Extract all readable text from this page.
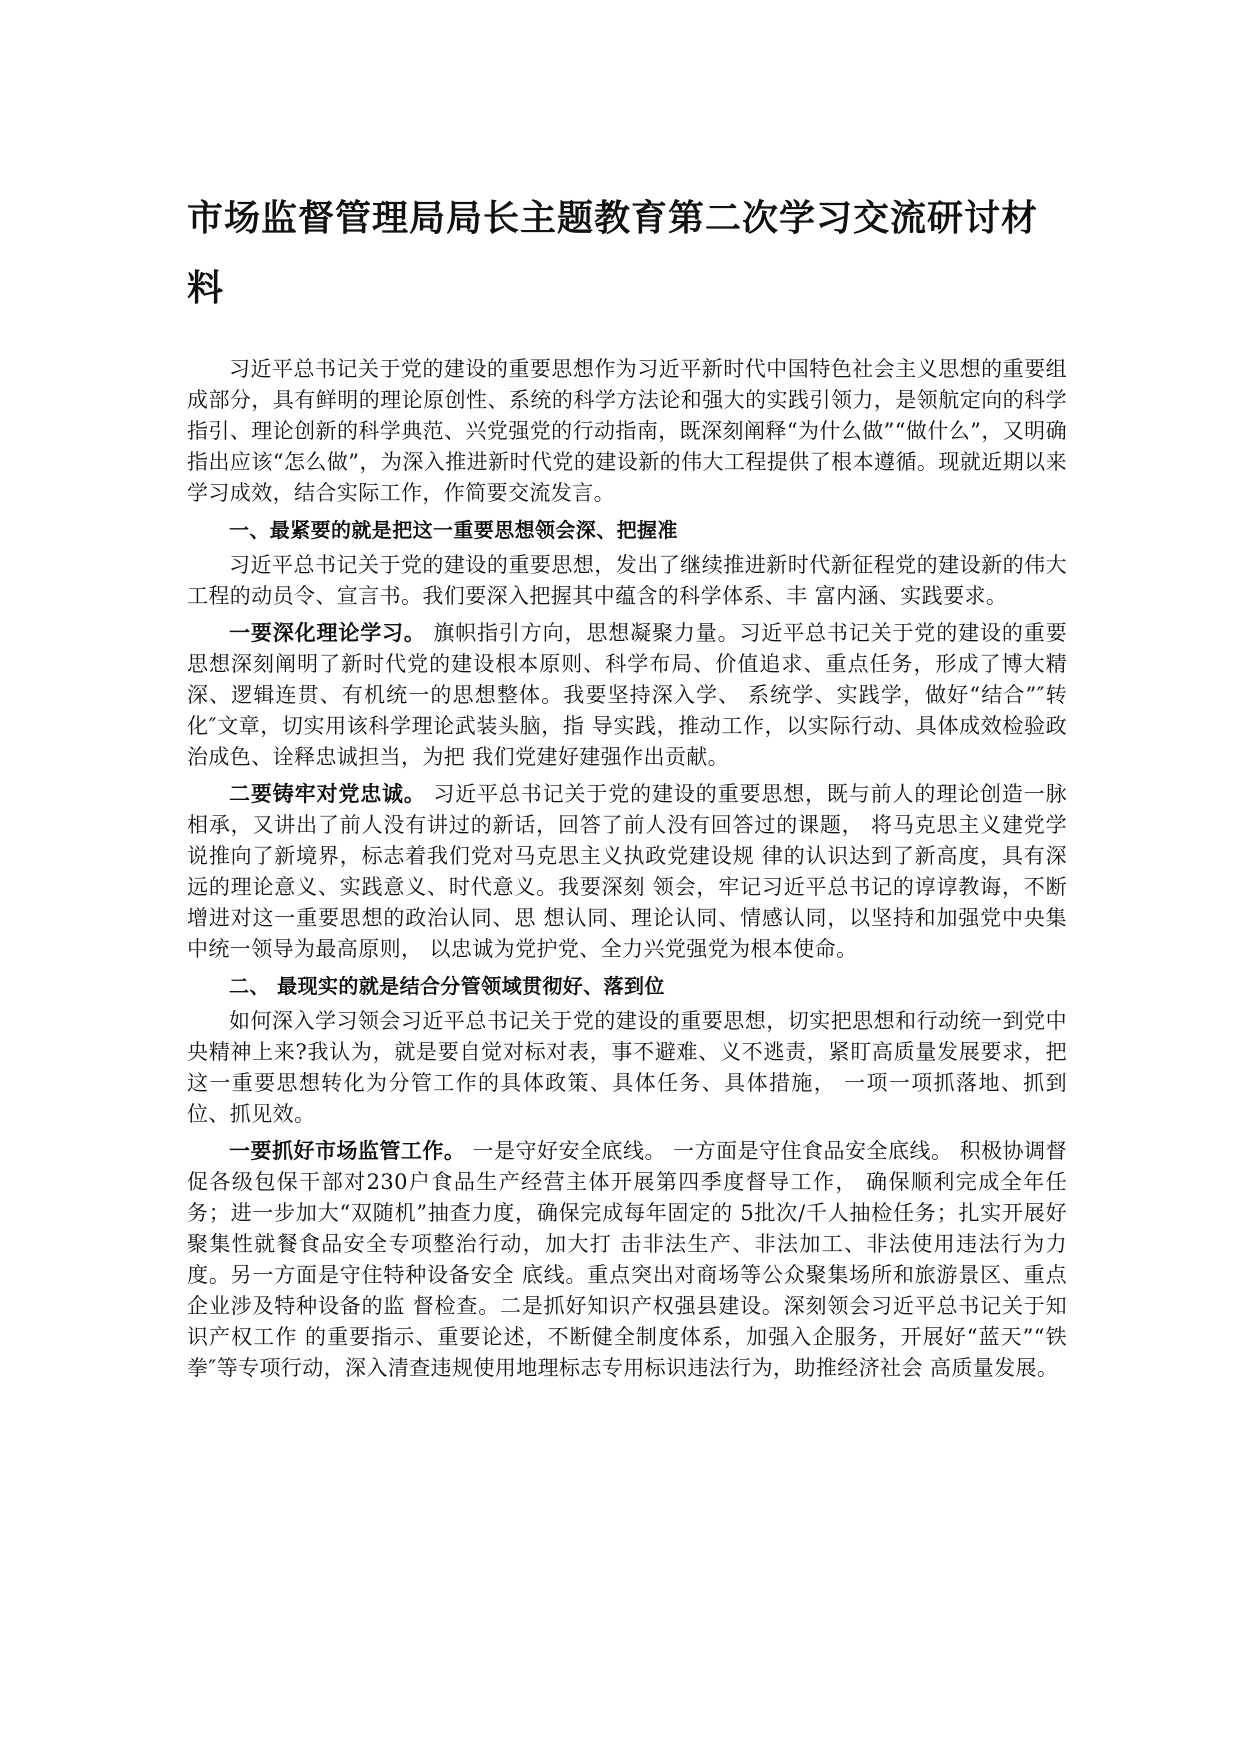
市场监督管理局局长主题教育第二次学习交流研讨材料

习近平总书记关于党的建设的重要思想作为习近平新时代中国特色社会主义思想的重要组成部分，具有鲜明的理论原创性、系统的科学方法论和强大的实践引领力，是领航定向的科学指引、理论创新的科学典范、兴党强党的行动指南，既深刻阐释“为什么做”“做什么”，又明确指出应该“怎么做”，为深入推进新时代党的建设新的伟大工程提供了根本遵循。现就近期以来学习成效，结合实际工作，作简要交流发言。

一、最紧要的就是把这一重要思想领会深、把握准

习近平总书记关于党的建设的重要思想，发出了继续推进新时代新征程党的建设新的伟大工程的动员令、宣言书。我们要深入把握其中蕴含的科学体系、丰 富内涵、实践要求。

一要深化理论学习。 旗帜指引方向，思想凝聚力量。习近平总书记关于党的建设的重要思想深刻阐明了新时代党的建设根本原则、科学布局、价值追求、重点任务，形成了博大精深、逻辑连贯、有机统一的思想整体。我要坚持深入学、 系统学、实践学，做好“结合”″转化″文章，切实用该科学理论武装头脑，指 导实践，推动工作，以实际行动、具体成效检验政治成色、诠释忠诚担当，为把 我们党建好建强作出贡献。

二要铸牢对党忠诚。 习近平总书记关于党的建设的重要思想，既与前人的理论创造一脉相承，又讲出了前人没有讲过的新话，回答了前人没有回答过的课题， 将马克思主义建党学说推向了新境界，标志着我们党对马克思主义执政党建设规 律的认识达到了新高度，具有深远的理论意义、实践意义、时代意义。我要深刻 领会，牢记习近平总书记的谆谆教诲，不断增进对这一重要思想的政治认同、思 想认同、理论认同、情感认同，以坚持和加强党中央集中统一领导为最高原则， 以忠诚为党护党、全力兴党强党为根本使命。

二、 最现实的就是结合分管领域贯彻好、落到位

如何深入学习领会习近平总书记关于党的建设的重要思想，切实把思想和行动统一到党中央精神上来?我认为，就是要自觉对标对表，事不避难、义不逃责，紧盯高质量发展要求，把这一重要思想转化为分管工作的具体政策、具体任务、具体措施， 一项一项抓落地、抓到位、抓见效。

一要抓好市场监管工作。 一是守好安全底线。 一方面是守住食品安全底线。 积极协调督促各级包保干部对230户食品生产经营主体开展第四季度督导工作， 确保顺利完成全年任务；进一步加大“双随机”抽查力度，确保完成每年固定的 5批次/千人抽检任务；扎实开展好聚集性就餐食品安全专项整治行动，加大打 击非法生产、非法加工、非法使用违法行为力度。另一方面是守住特种设备安全 底线。重点突出对商场等公众聚集场所和旅游景区、重点企业涉及特种设备的监 督检查。二是抓好知识产权强县建设。深刻领会习近平总书记关于知识产权工作 的重要指示、重要论述，不断健全制度体系，加强入企服务，开展好“蓝天”“铁 拳″等专项行动，深入清查违规使用地理标志专用标识违法行为，助推经济社会 高质量发展。
